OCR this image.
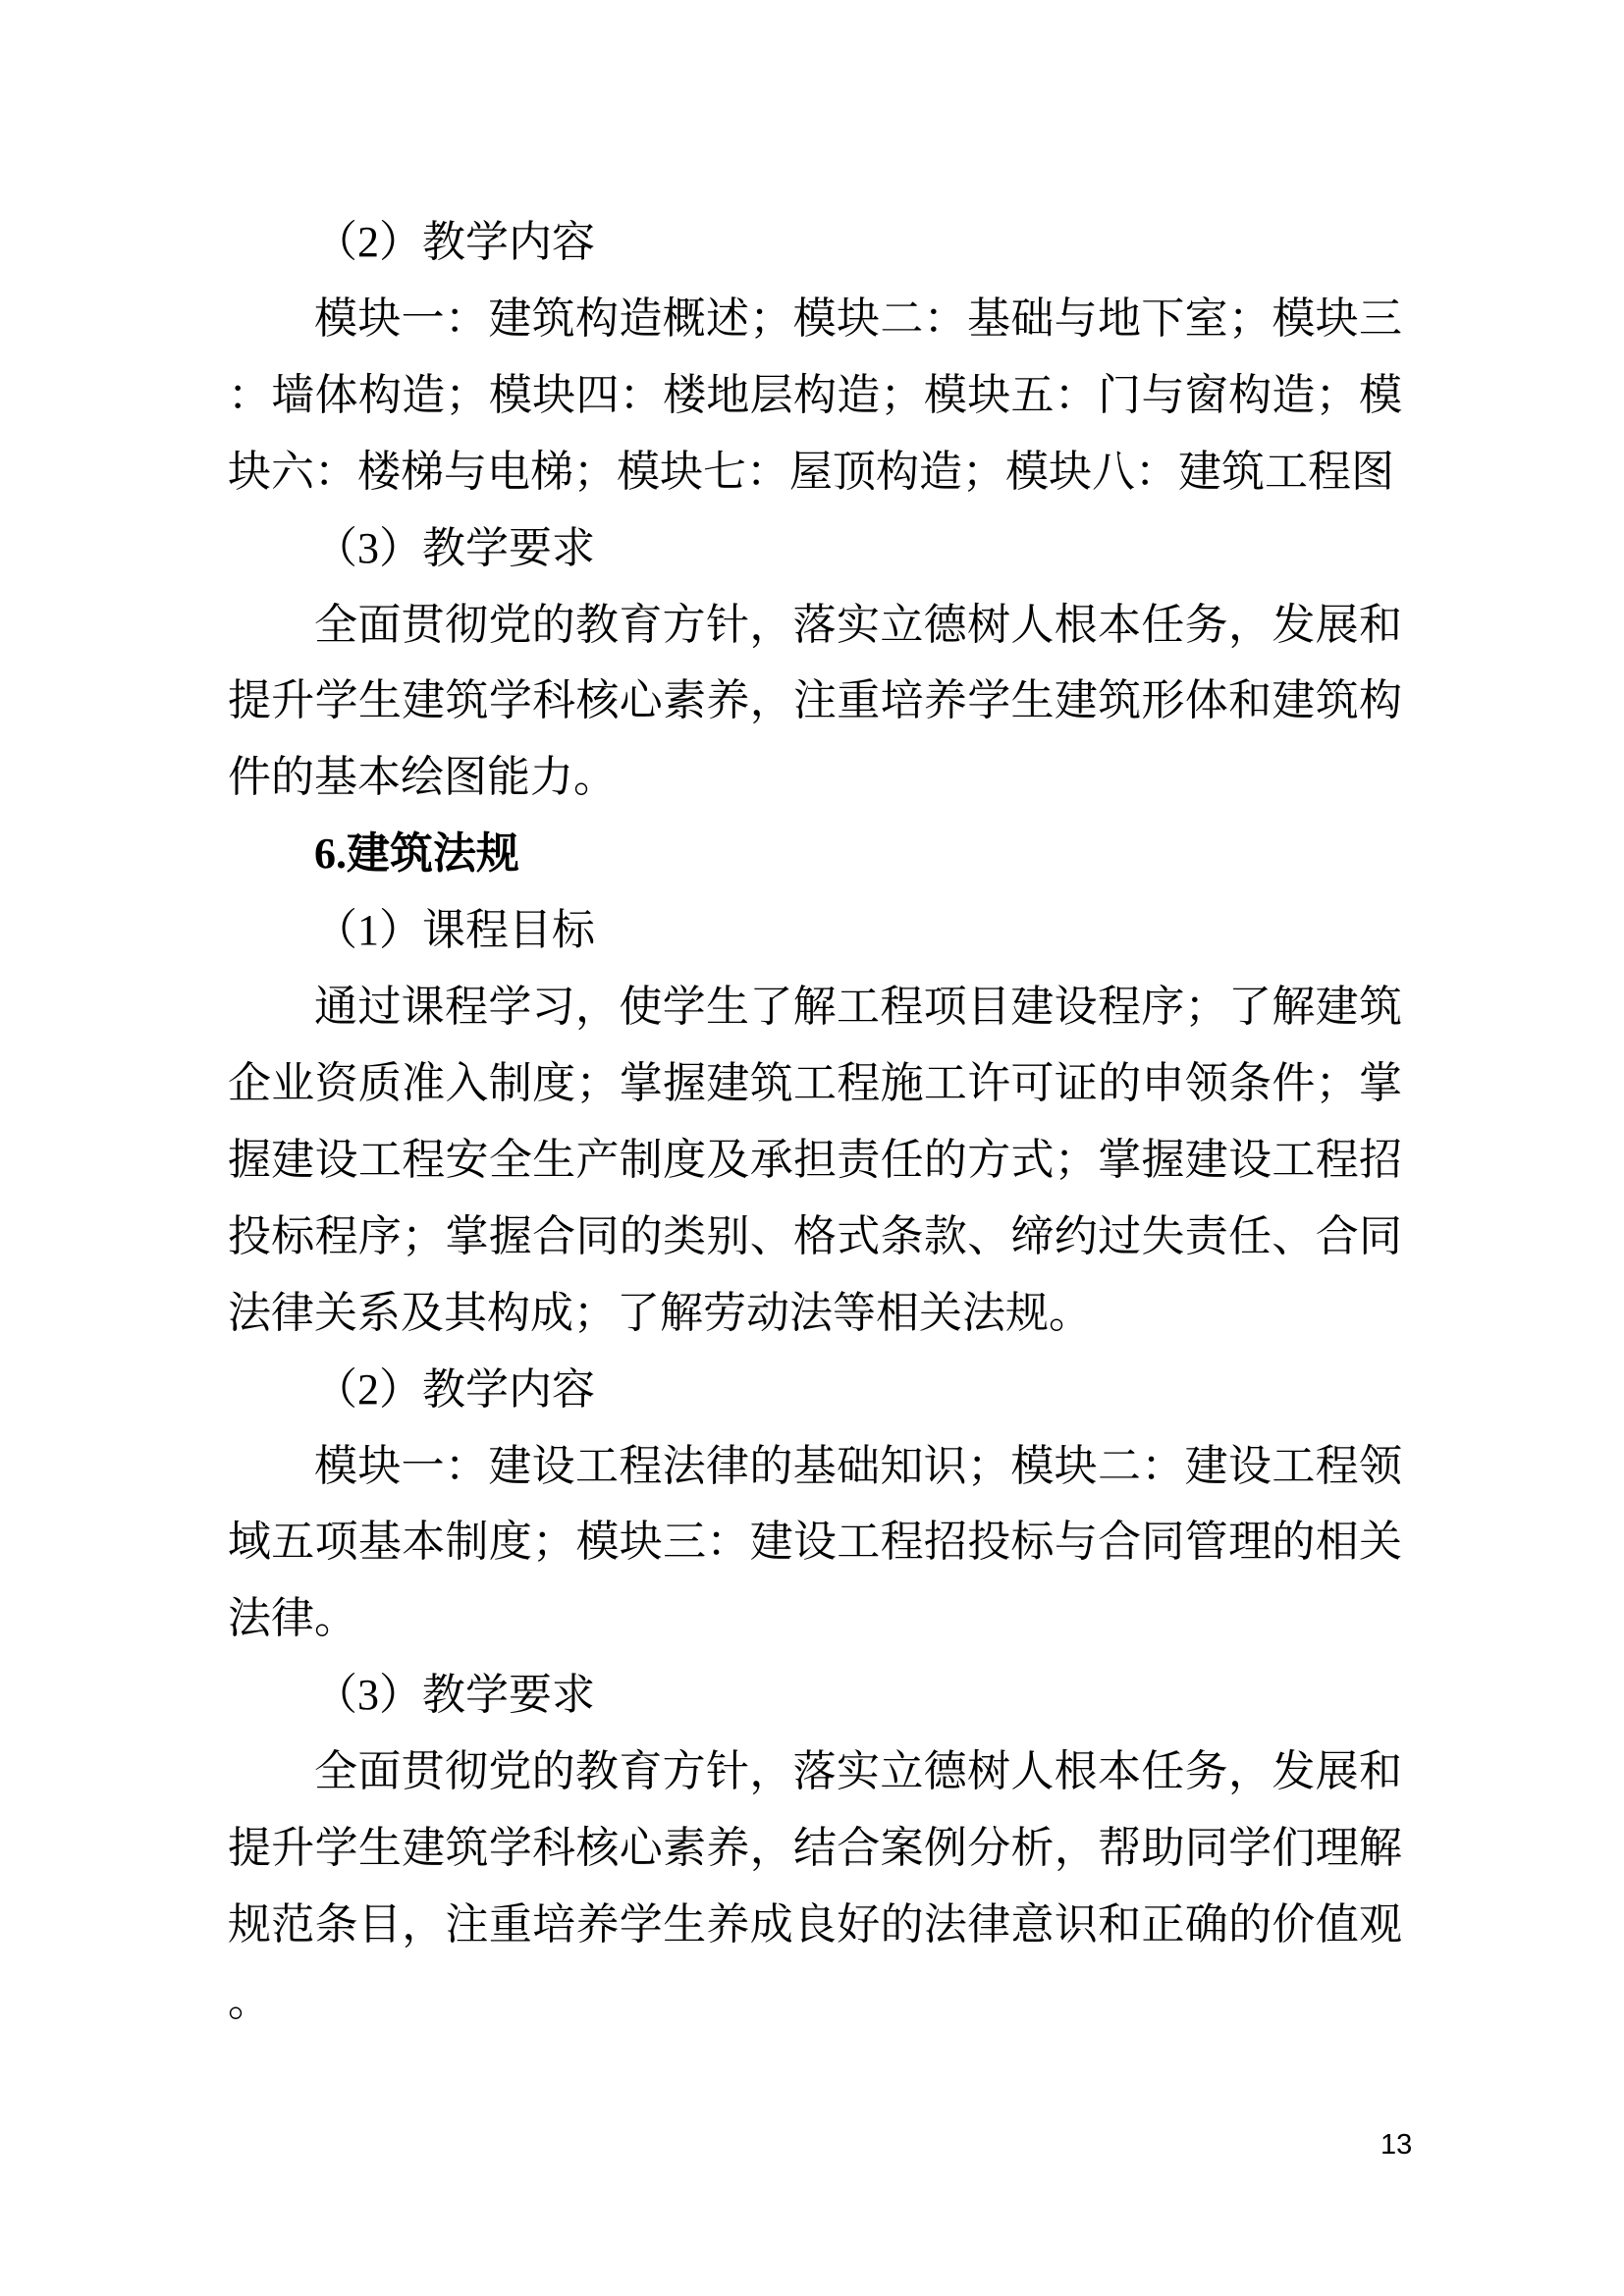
（2）教学内容

模块一：建筑构造概述；模块二：基础与地下室；模块三：墙体构造；模块四：楼地层构造；模块五：门与窗构造；模块六：楼梯与电梯；模块七：屋顶构造；模块八：建筑工程图

（3）教学要求

全面贯彻党的教育方针，落实立德树人根本任务，发展和提升学生建筑学科核心素养，注重培养学生建筑形体和建筑构件的基本绘图能力。

6.建筑法规

（1）课程目标

通过课程学习，使学生了解工程项目建设程序；了解建筑企业资质准入制度；掌握建筑工程施工许可证的申领条件；掌握建设工程安全生产制度及承担责任的方式；掌握建设工程招投标程序；掌握合同的类别、格式条款、缔约过失责任、合同法律关系及其构成；了解劳动法等相关法规。

（2）教学内容

模块一：建设工程法律的基础知识；模块二：建设工程领域五项基本制度；模块三：建设工程招投标与合同管理的相关法律。

（3）教学要求

全面贯彻党的教育方针，落实立德树人根本任务，发展和提升学生建筑学科核心素养，结合案例分析，帮助同学们理解规范条目，注重培养学生养成良好的法律意识和正确的价值观。

13
